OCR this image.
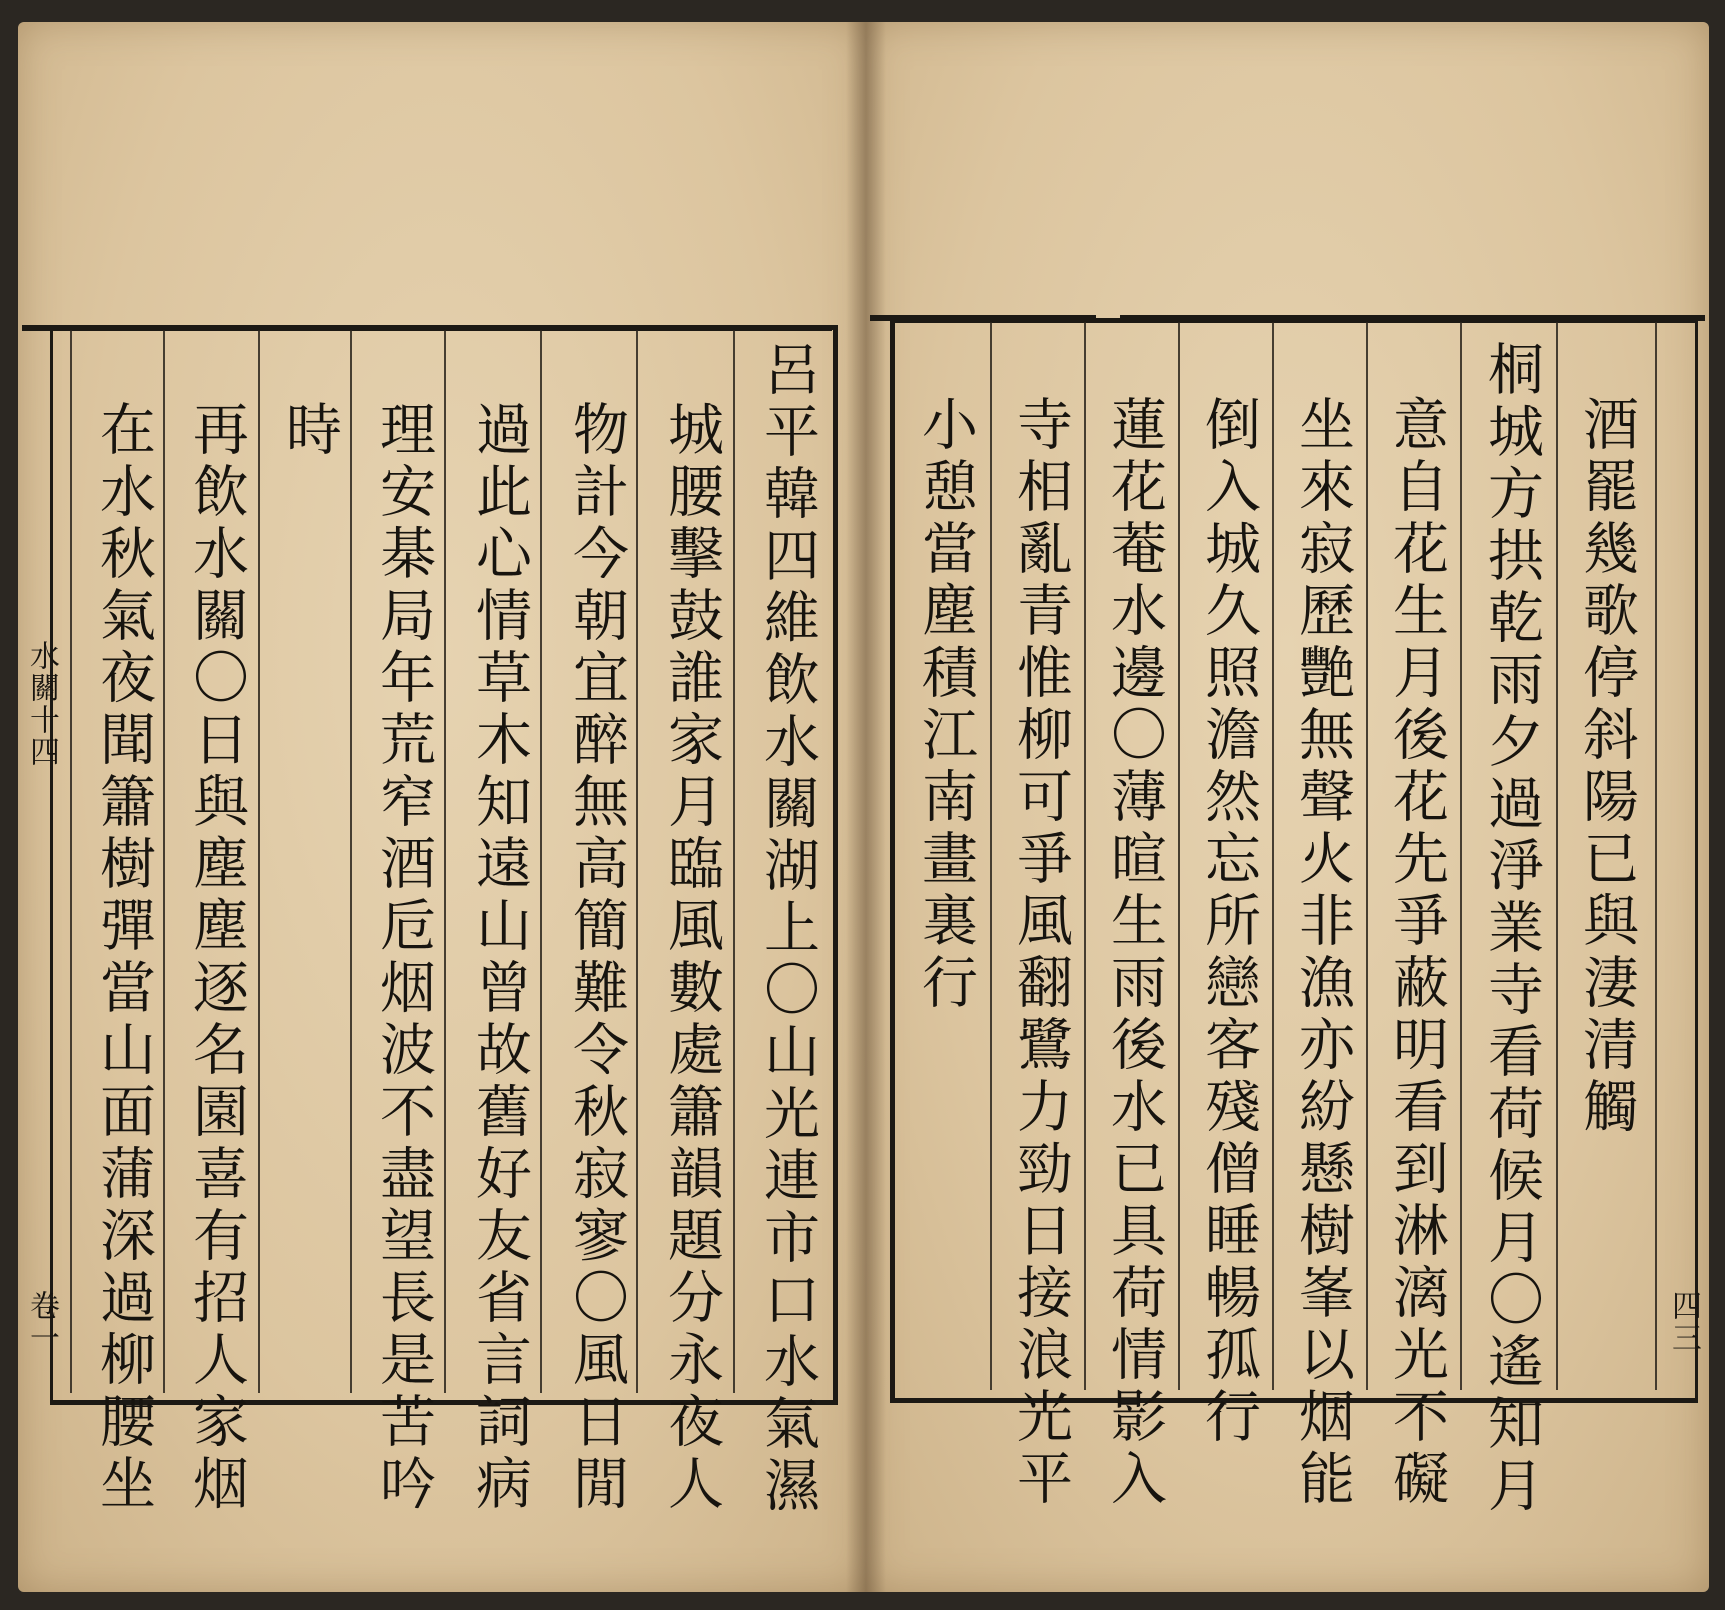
呂平韓四維飲水關湖上〇山光連市口水氣濕
城腰擊鼓誰家月臨風數處簫韻題分永夜人
物計今朝宜醉無高簡難令秋寂寥〇風日閒
過此心情草木知遠山曾故舊好友省言詞病
理安棊局年荒窄酒卮烟波不盡望長是苦吟
時
再飲水關〇日與塵塵逐名園喜有招人家烟
在水秋氣夜聞簫樹彈當山面蒲深過柳腰坐
水關十四
卷一
酒罷幾歌停斜陽已與淒清觸
桐城方拱乾雨夕過淨業寺看荷候月〇遙知月
意自花生月後花先爭蔽明看到淋漓光不礙
坐來寂歷艷無聲火非漁亦紛懸樹峯以烟能
倒入城久照澹然忘所戀客殘僧睡暢孤行
蓮花菴水邊〇薄暄生雨後水已具荷情影入
寺相亂青惟柳可爭風翻鷺力勁日接浪光平
小憩當塵積江南畫裏行
四三
